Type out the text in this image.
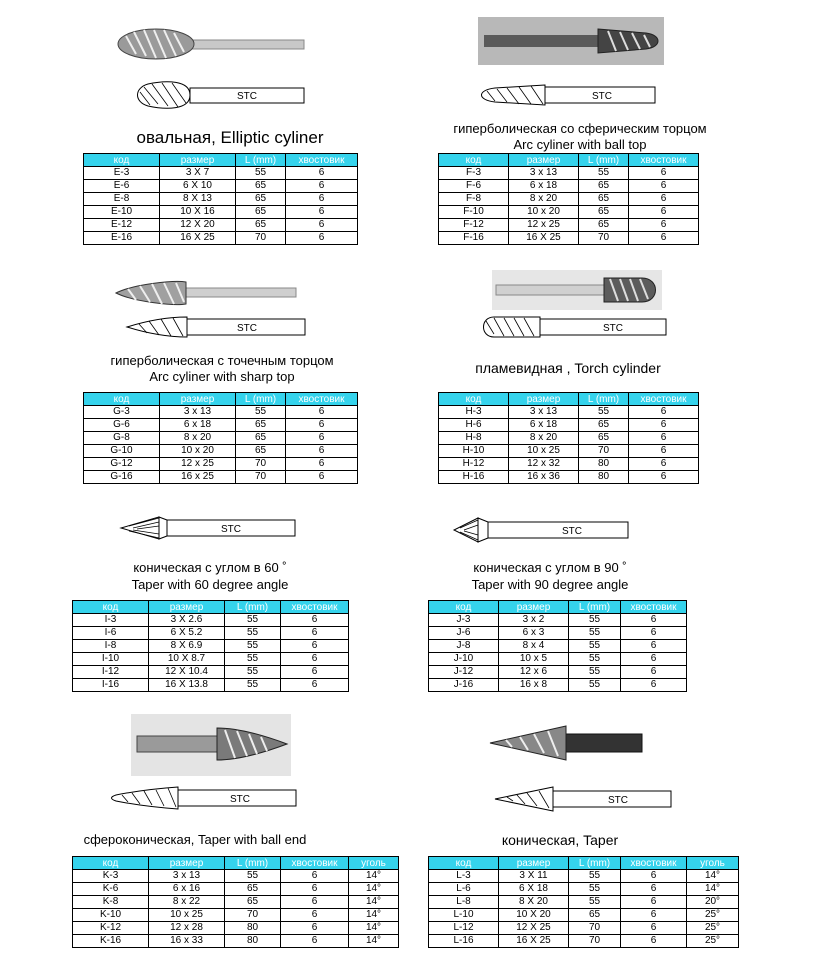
STC
овальная, Elliptic cyliner
код	размер	L (mm)	хвостовик
E-3	3 X 7	55	6
E-6	6 X 10	65	6
E-8	8 X 13	65	6
E-10	10 X 16	65	6
E-12	12 X 20	65	6
E-16	16 X 25	70	6
STC
гиперболическая со сферическим торцом
Arc cyliner with ball top
код	размер	L (mm)	хвостовик
F-3	3 x 13	55	6
F-6	6 x 18	65	6
F-8	8 x 20	65	6
F-10	10 x 20	65	6
F-12	12 x 25	65	6
F-16	16 X 25	70	6
STC
гиперболическая с точечным торцом
Arc cyliner with sharp top
код	размер	L (mm)	хвостовик
G-3	3 x 13	55	6
G-6	6 x 18	65	6
G-8	8 x 20	65	6
G-10	10 x 20	65	6
G-12	12 x 25	70	6
G-16	16 x 25	70	6
STC
пламевидная , Torch cylinder
код	размер	L (mm)	хвостовик
H-3	3 x 13	55	6
H-6	6 x 18	65	6
H-8	8 x 20	65	6
H-10	10 x 25	70	6
H-12	12 x 32	80	6
H-16	16 x 36	80	6
STC
коническая с углом в 60 ˚
Taper with 60 degree angle
код	размер	L (mm)	хвостовик
I-3	3 X 2.6	55	6
I-6	6 X 5.2	55	6
I-8	8 X 6.9	55	6
I-10	10 X 8.7	55	6
I-12	12 X 10.4	55	6
I-16	16 X 13.8	55	6
STC
коническая с углом в 90 ˚
Taper with 90 degree angle
код	размер	L (mm)	хвостовик
J-3	3 x 2	55	6
J-6	6 x 3	55	6
J-8	8 x 4	55	6
J-10	10 x 5	55	6
J-12	12 x 6	55	6
J-16	16 x 8	55	6
STC
сфероконическая, Taper with ball end
код	размер	L (mm)	хвостовик	уголь
K-3	3 x 13	55	6	14°
K-6	6 x 16	65	6	14°
K-8	8 x 22	65	6	14°
K-10	10 x 25	70	6	14°
K-12	12 x 28	80	6	14°
K-16	16 x 33	80	6	14°
STC
коническая, Taper
код	размер	L (mm)	хвостовик	уголь
L-3	3 X 11	55	6	14°
L-6	6 X 18	55	6	14°
L-8	8 X 20	55	6	20°
L-10	10 X 20	65	6	25°
L-12	12 X 25	70	6	25°
L-16	16 X 25	70	6	25°
